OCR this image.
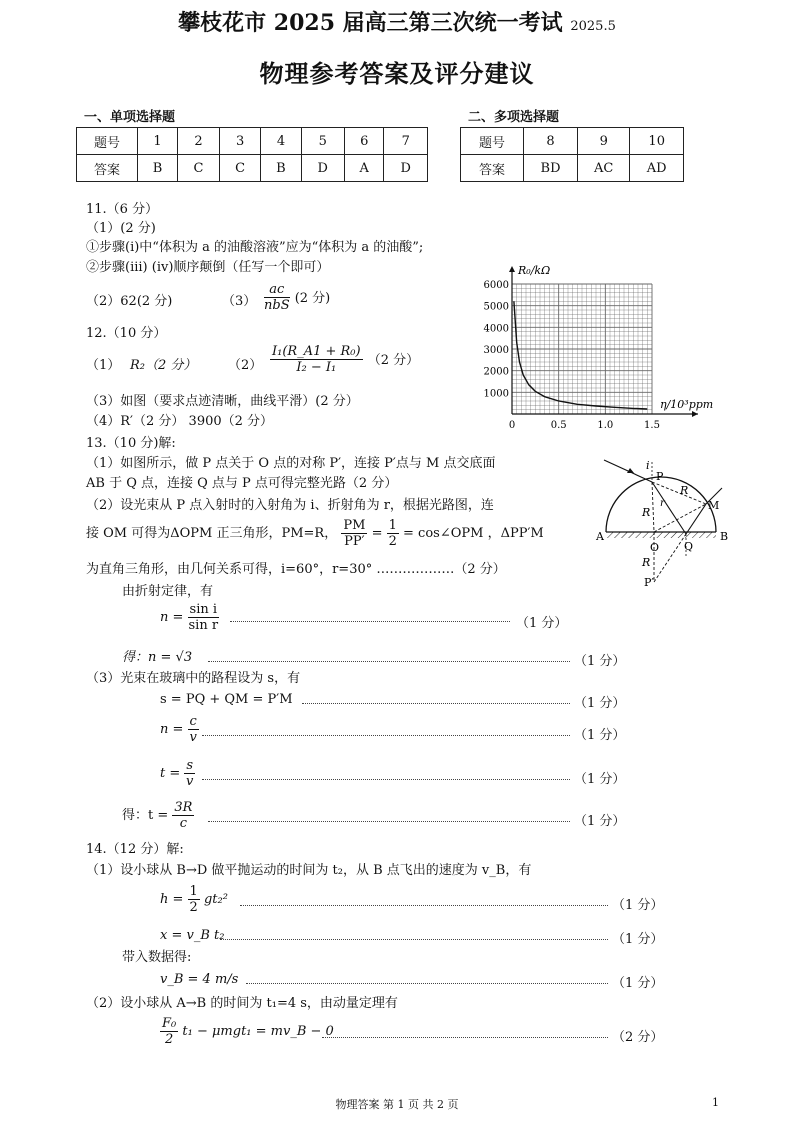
攀枝花市 2025 届高三第三次统一考试 2025.5
物理参考答案及评分建议
一、单项选择题	二、多项选择题
题号	1	2	3	4	5	6	7
答案	B	C	C	B	D	A	D
题号	8	9	10
答案	BD	AC	AD
11.（6 分）
（1）(2 分)
①步骤(i)中“体积为 a 的油酸溶液”应为“体积为 a 的油酸”;
②步骤(iii) (iv)顺序颠倒（任写一个即可）
（2）62(2 分)	$(3) \frac{ac}{\text{nbS}} (2$ 分)
12.（10 分）
（1） R₂（2 分） $(2) \frac{\text{I₁(R\_A1 + R₀)}}{\text{I₂ − I₁}} (2$ 分）
（3）如图（要求点迹清晰，曲线平滑）(2 分）
（4）R′（2 分） 3900（2 分）
1000
2000
3000
4000
5000
6000
0	0.5	1.0	1.5
R₀/kΩ
η/10³ppm
13.（10 分)解:
（1）如图所示，做 P 点关于 O 点的对称 P′，连接 P′点与 M 点交底面
AB 于 Q 点，连接 Q 点与 P 点可得完整光路（2 分）
（2）设光束从 P 点入射时的入射角为 i、折射角为 r，根据光路图，连
接 OM 可得为ΔOPM 正三角形，PM=R， $\frac{PM}{PP'} = \frac{1}{2}$ = cos∠OPM ，ΔPP′M
为直角三角形，由几何关系可得，i=60°，r=30° ………………（2 分）
由折射定律，有
i
P
R
r	M
R
A
O Q
B
R
P′
$n = \frac{\text{sin i}}{\text{sin r}}$	（1 分）
得：n = √3	（1 分）
（3）光束在玻璃中的路程设为 s，有
s = PQ + QM = P′M	（1 分）
$n = \frac{c}{v}$	（1 分）
$t = \frac{s}{v}$	（1 分）
得：$t = \frac{3R}{c}$	（1 分）
14.（12 分）解:
（1）设小球从 B→D 做平抛运动的时间为 t₂，从 B 点飞出的速度为 v_B，有
$h = \frac{1}{2} gt_2^2$	（1 分）
x = v_B t₂	（1 分）
带入数据得:
v_B = 4 m/s	（1 分）
（2）设小球从 A→B 的时间为 t₁=4 s，由动量定理有
$\frac{\text{F₀}}{2} t_1 - \mu mgt_1$ = mv_B − 0	（2 分）
物理答案 第 1 页 共 2 页	1
